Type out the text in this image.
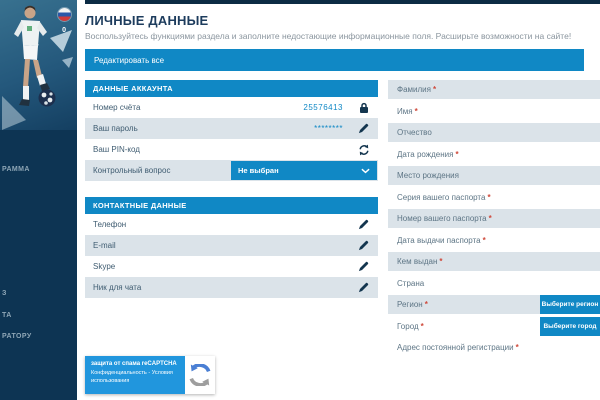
0
РАММА
З
ТА
РАТОРУ
ЛИЧНЫЕ ДАННЫЕ

Воспользуйтесь функциями раздела и заполните недостающие информационные поля. Расширьте возможности на сайте!

Редактировать все
ДАННЫЕ АККАУНТА
Номер счёта	25576413
Ваш пароль	********
Ваш PIN-код
Контрольный вопрос	Не выбран
КОНТАКТНЫЕ ДАННЫЕ
Телефон
E-mail
Skype
Ник для чата
защита от спама reCAPTCHA
Конфиденциальность - Условия использования
Фамилия *
Имя *
Отчество
Дата рождения *
Место рождения
Серия вашего паспорта *
Номер вашего паспорта *
Дата выдачи паспорта *
Кем выдан *
Страна
Регион *	Выберите регион
Город *	Выберите город
Адрес постоянной регистрации *
